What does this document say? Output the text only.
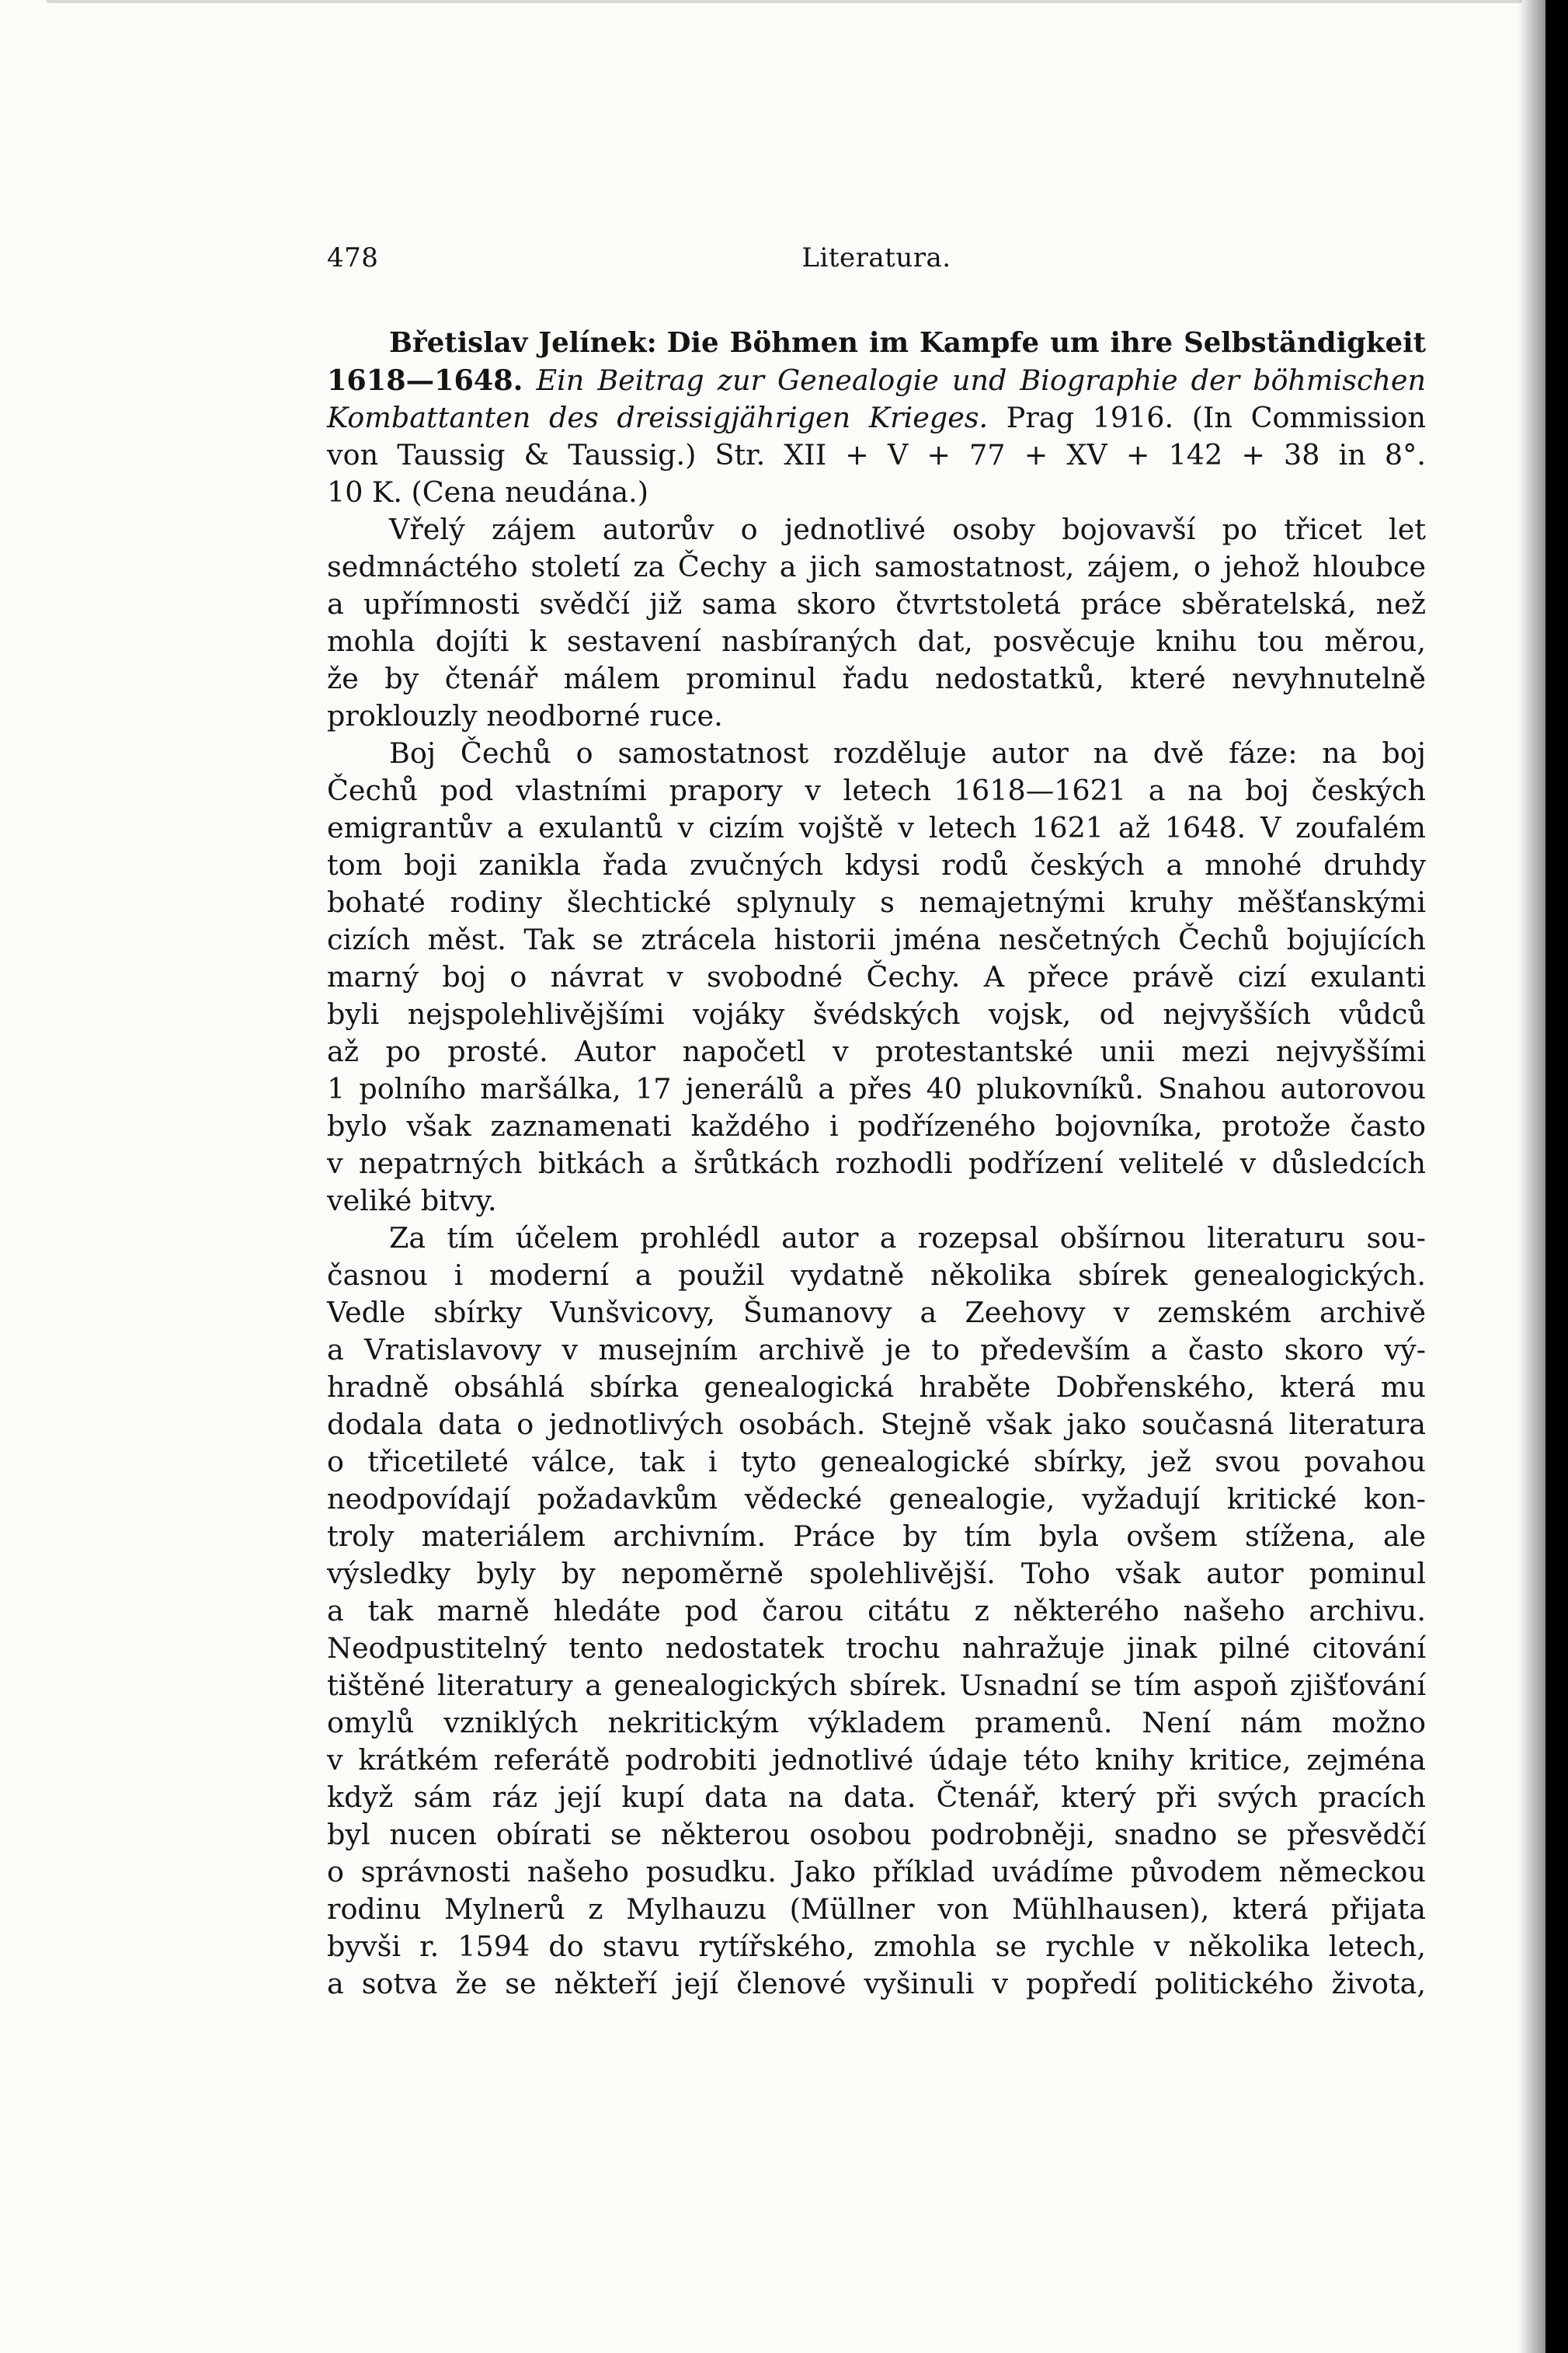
478	Literatura.
Břetislav Jelínek: Die Böhmen im Kampfe um ihre Selbständigkeit
1618—1648. Ein Beitrag zur Genealogie und Biographie der böhmischen
Kombattanten des dreissigjährigen Krieges. Prag 1916. (In Commission
von Taussig & Taussig.) Str. XII + V + 77 + XV + 142 + 38 in 8°.
10 K. (Cena neudána.)
Vřelý zájem autorův o jednotlivé osoby bojovavší po třicet let
sedmnáctého století za Čechy a jich samostatnost, zájem, o jehož hloubce
a upřímnosti svědčí již sama skoro čtvrtstoletá práce sběratelská, než
mohla dojíti k sestavení nasbíraných dat, posvěcuje knihu tou měrou,
že by čtenář málem prominul řadu nedostatků, které nevyhnutelně
proklouzly neodborné ruce.
Boj Čechů o samostatnost rozděluje autor na dvě fáze: na boj
Čechů pod vlastními prapory v letech 1618—1621 a na boj českých
emigrantův a exulantů v cizím vojště v letech 1621 až 1648. V zoufalém
tom boji zanikla řada zvučných kdysi rodů českých a mnohé druhdy
bohaté rodiny šlechtické splynuly s nemajetnými kruhy měšťanskými
cizích měst. Tak se ztrácela historii jména nesčetných Čechů bojujících
marný boj o návrat v svobodné Čechy. A přece právě cizí exulanti
byli nejspolehlivějšími vojáky švédských vojsk, od nejvyšších vůdců
až po prosté. Autor napočetl v protestantské unii mezi nejvyššími
1 polního maršálka, 17 jenerálů a přes 40 plukovníků. Snahou autorovou
bylo však zaznamenati každého i podřízeného bojovníka, protože často
v nepatrných bitkách a šrůtkách rozhodli podřízení velitelé v důsledcích
veliké bitvy.
Za tím účelem prohlédl autor a rozepsal obšírnou literaturu sou-
časnou i moderní a použil vydatně několika sbírek genealogických.
Vedle sbírky Vunšvicovy, Šumanovy a Zeehovy v zemském archivě
a Vratislavovy v musejním archivě je to především a často skoro vý-
hradně obsáhlá sbírka genealogická hraběte Dobřenského, která mu
dodala data o jednotlivých osobách. Stejně však jako současná literatura
o třicetileté válce, tak i tyto genealogické sbírky, jež svou povahou
neodpovídají požadavkům vědecké genealogie, vyžadují kritické kon-
troly materiálem archivním. Práce by tím byla ovšem stížena, ale
výsledky byly by nepoměrně spolehlivější. Toho však autor pominul
a tak marně hledáte pod čarou citátu z některého našeho archivu.
Neodpustitelný tento nedostatek trochu nahražuje jinak pilné citování
tištěné literatury a genealogických sbírek. Usnadní se tím aspoň zjišťování
omylů vzniklých nekritickým výkladem pramenů. Není nám možno
v krátkém referátě podrobiti jednotlivé údaje této knihy kritice, zejména
když sám ráz její kupí data na data. Čtenář, který při svých pracích
byl nucen obírati se některou osobou podrobněji, snadno se přesvědčí
o správnosti našeho posudku. Jako příklad uvádíme původem německou
rodinu Mylnerů z Mylhauzu (Müllner von Mühlhausen), která přijata
byvši r. 1594 do stavu rytířského, zmohla se rychle v několika letech,
a sotva že se někteří její členové vyšinuli v popředí politického života,
